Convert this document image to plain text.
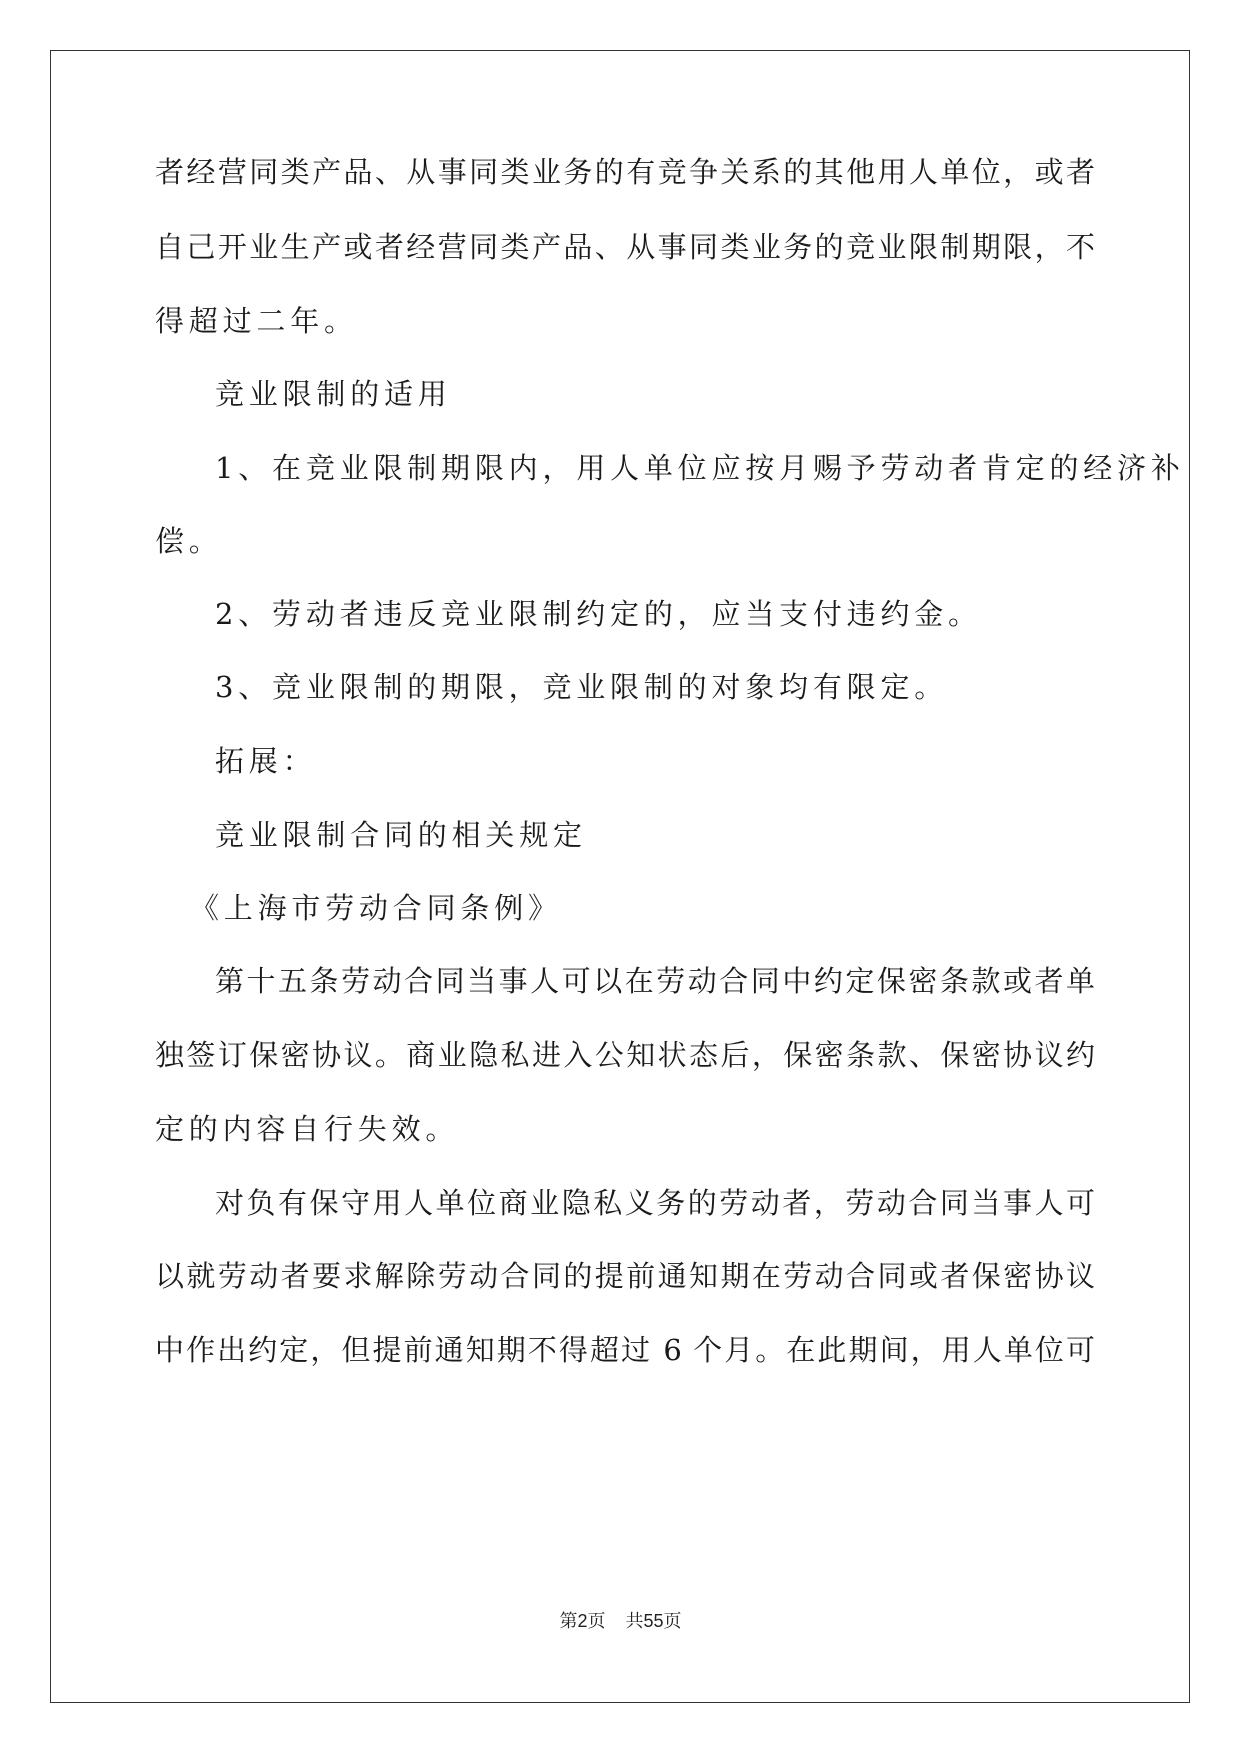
者经营同类产品、从事同类业务的有竞争关系的其他用人单位，或者
自己开业生产或者经营同类产品、从事同类业务的竞业限制期限，不
得超过二年。
竞业限制的适用
1、在竞业限制期限内，用人单位应按月赐予劳动者肯定的经济补
偿。
2、劳动者违反竞业限制约定的，应当支付违约金。
3、竞业限制的期限，竞业限制的对象均有限定。
拓展：
竞业限制合同的相关规定
《上海市劳动合同条例》
第十五条劳动合同当事人可以在劳动合同中约定保密条款或者单
独签订保密协议。商业隐私进入公知状态后，保密条款、保密协议约
定的内容自行失效。
对负有保守用人单位商业隐私义务的劳动者，劳动合同当事人可
以就劳动者要求解除劳动合同的提前通知期在劳动合同或者保密协议
中作出约定，但提前通知期不得超过 6 个月。在此期间，用人单位可
第2页 共55页
